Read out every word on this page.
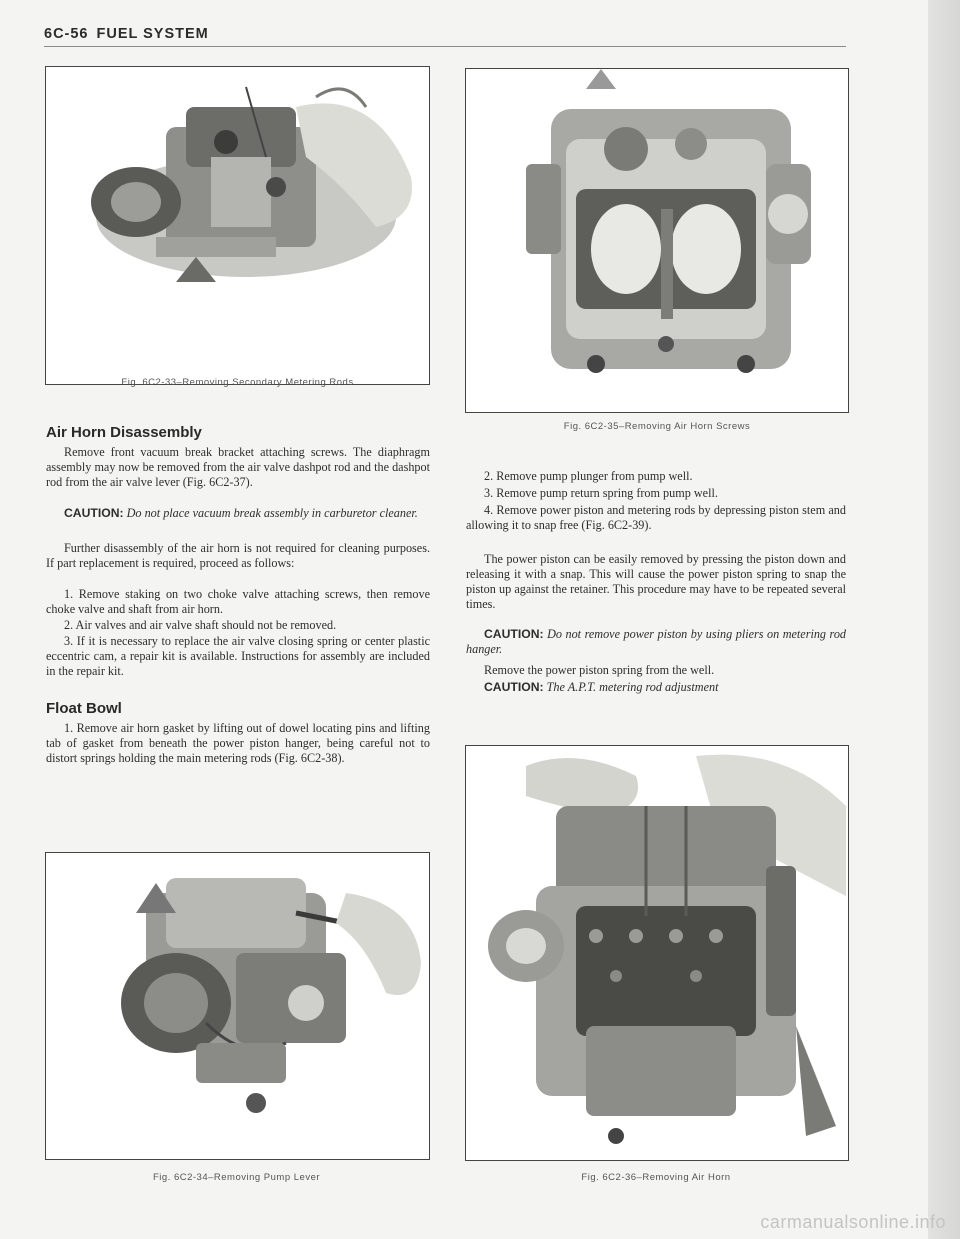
6C-56 FUEL SYSTEM
Fig. 6C2-33–Removing Secondary Metering Rods
Fig. 6C2-35–Removing Air Horn Screws
Air Horn Disassembly
Remove front vacuum break bracket attaching screws. The diaphragm assembly may now be removed from the air valve dashpot rod and the dashpot rod from the air valve lever (Fig. 6C2-37).
CAUTION: Do not place vacuum break assembly in carburetor cleaner.
Further disassembly of the air horn is not required for cleaning purposes. If part replacement is required, proceed as follows:
1. Remove staking on two choke valve attaching screws, then remove choke valve and shaft from air horn.
2. Air valves and air valve shaft should not be removed.
3. If it is necessary to replace the air valve closing spring or center plastic eccentric cam, a repair kit is available. Instructions for assembly are included in the repair kit.
Float Bowl
1. Remove air horn gasket by lifting out of dowel locating pins and lifting tab of gasket from beneath the power piston hanger, being careful not to distort springs holding the main metering rods (Fig. 6C2-38).
Fig. 6C2-34–Removing Pump Lever
2. Remove pump plunger from pump well.
3. Remove pump return spring from pump well.
4. Remove power piston and metering rods by depressing piston stem and allowing it to snap free (Fig. 6C2-39).
The power piston can be easily removed by pressing the piston down and releasing it with a snap. This will cause the power piston spring to snap the piston up against the retainer. This procedure may have to be repeated several times.
CAUTION: Do not remove power piston by using pliers on metering rod hanger.
Remove the power piston spring from the well.
CAUTION: The A.P.T. metering rod adjustment
Fig. 6C2-36–Removing Air Horn
carmanualsonline.info
